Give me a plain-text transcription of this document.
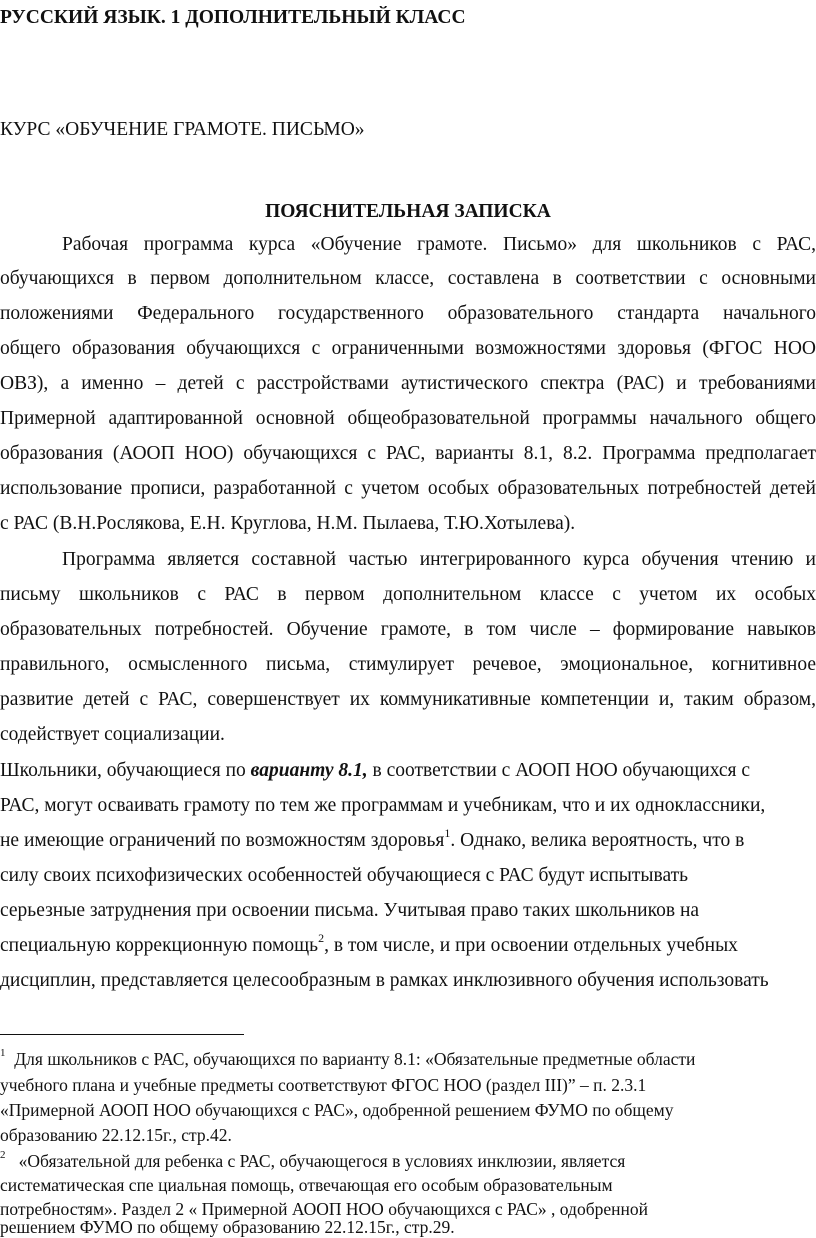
РУССКИЙ ЯЗЫК. 1 ДОПОЛНИТЕЛЬНЫЙ КЛАСС
КУРС «ОБУЧЕНИЕ ГРАМОТЕ. ПИСЬМО»
ПОЯСНИТЕЛЬНАЯ ЗАПИСКА
Рабочая программа курса «Обучение грамоте. Письмо» для школьников с РАС,
обучающихся в первом дополнительном классе, составлена в соответствии с основными
положениями Федерального государственного образовательного стандарта начального
общего образования обучающихся с ограниченными возможностями здоровья (ФГОС НОО
ОВЗ), а именно – детей с расстройствами аутистического спектра (РАС) и требованиями
Примерной адаптированной основной общеобразовательной программы начального общего
образования (АООП НОО) обучающихся с РАС, варианты 8.1, 8.2. Программа предполагает
использование прописи, разработанной с учетом особых образовательных потребностей детей
с РАС (В.Н.Рослякова, Е.Н. Круглова, Н.М. Пылаева, Т.Ю.Хотылева).
Программа является составной частью интегрированного курса обучения чтению и
письму школьников с РАС в первом дополнительном классе с учетом их особых
образовательных потребностей. Обучение грамоте, в том числе – формирование навыков
правильного, осмысленного письма, стимулирует речевое, эмоциональное, когнитивное
развитие детей с РАС, совершенствует их коммуникативные компетенции и, таким образом,
содействует социализации.
Школьники, обучающиеся по варианту 8.1, в соответствии с АООП НОО обучающихся с
РАС, могут осваивать грамоту по тем же программам и учебникам, что и их одноклассники,
не имеющие ограничений по возможностям здоровья$^1$. Однако, велика вероятность, что в
силу своих психофизических особенностей обучающиеся с РАС будут испытывать
серьезные затруднения при освоении письма. Учитывая право таких школьников на
специальную коррекционную помощь$^2$, в том числе, и при освоении отдельных учебных
дисциплин, представляется целесообразным в рамках инклюзивного обучения использовать
$^1$ Для школьников с РАС, обучающихся по варианту 8.1: «Обязательные предметные области
учебного плана и учебные предметы соответствуют ФГОС НОО (раздел III)” – п. 2.3.1
«Примерной АООП НОО обучающихся с РАС», одобренной решением ФУМО по общему
образованию 22.12.15г., стр.42.
$^2$ «Обязательной для ребенка с РАС, обучающегося в условиях инклюзии, является
систематическая спе циальная помощь, отвечающая его особым образовательным
потребностям». Раздел 2 « Примерной АООП НОО обучающихся с РАС» , одобренной
решением ФУМО по общему образованию 22.12.15г., стр.29.
